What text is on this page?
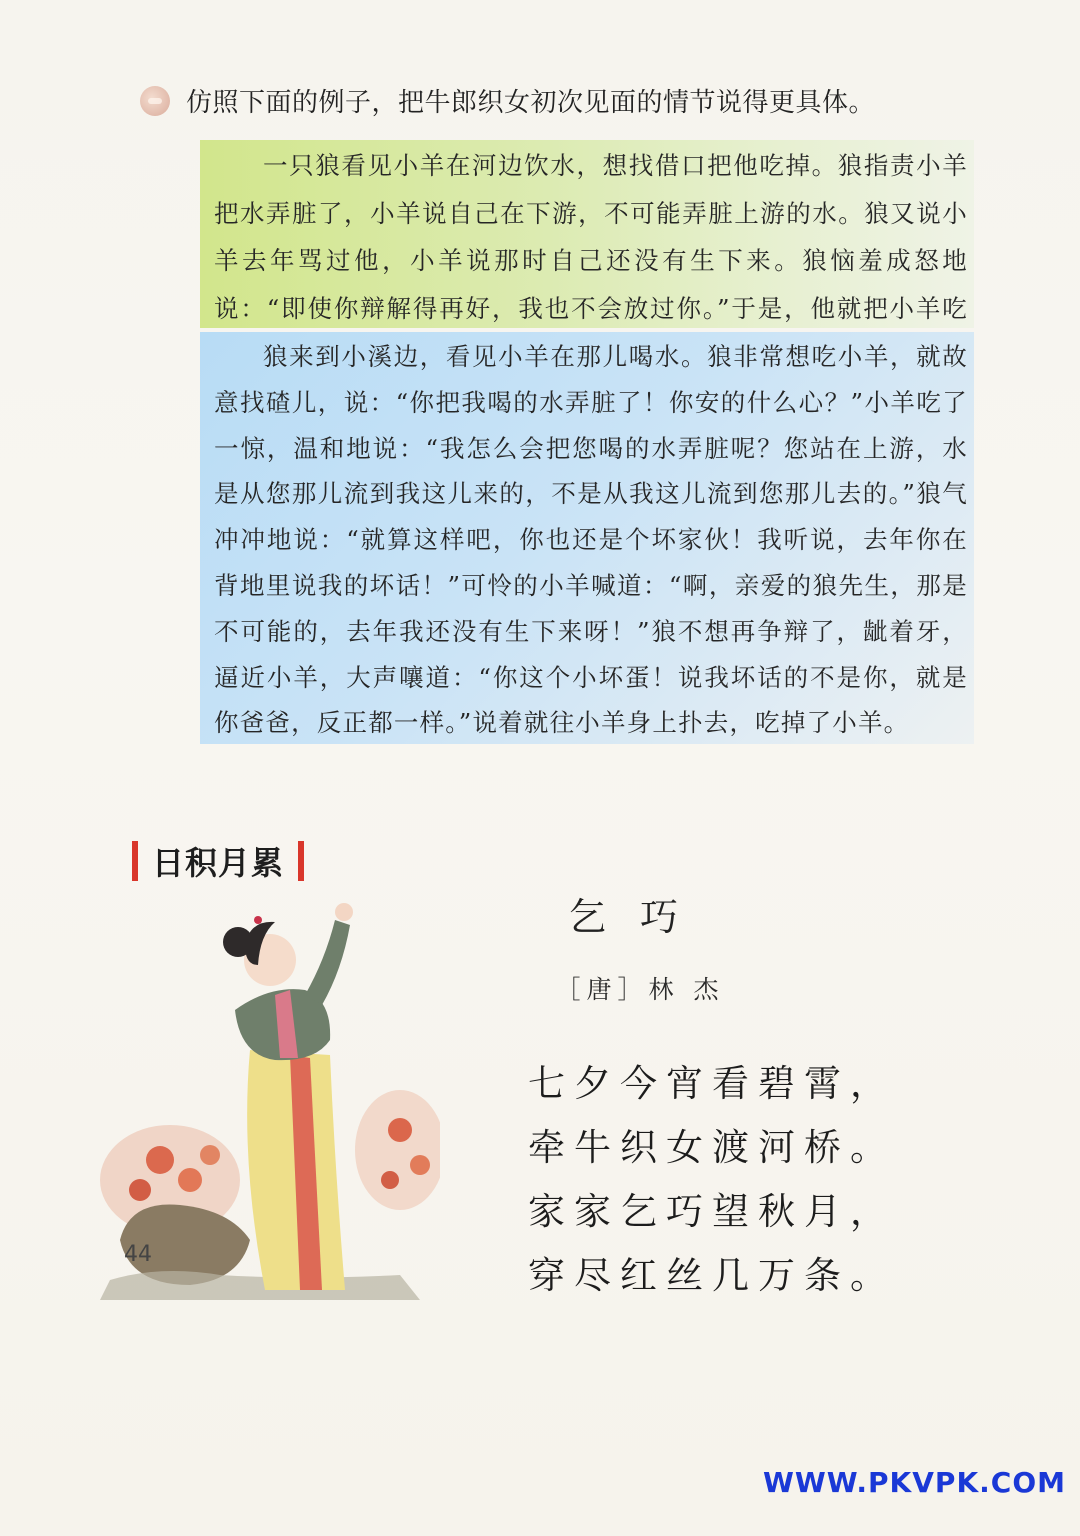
仿照下面的例子，把牛郎织女初次见面的情节说得更具体。

一只狼看见小羊在河边饮水，想找借口把他吃掉。狼指责小羊把水弄脏了，小羊说自己在下游，不可能弄脏上游的水。狼又说小羊去年骂过他，小羊说那时自己还没有生下来。狼恼羞成怒地说：“即使你辩解得再好，我也不会放过你。”于是，他就把小羊吃

狼来到小溪边，看见小羊在那儿喝水。狼非常想吃小羊，就故意找碴儿，说：“你把我喝的水弄脏了！你安的什么心？”小羊吃了一惊，温和地说：“我怎么会把您喝的水弄脏呢？您站在上游，水是从您那儿流到我这儿来的，不是从我这儿流到您那儿去的。”狼气冲冲地说：“就算这样吧，你也还是个坏家伙！我听说，去年你在背地里说我的坏话！”可怜的小羊喊道：“啊，亲爱的狼先生，那是不可能的，去年我还没有生下来呀！”狼不想再争辩了，龇着牙，逼近小羊，大声嚷道：“你这个小坏蛋！说我坏话的不是你，就是你爸爸，反正都一样。”说着就往小羊身上扑去，吃掉了小羊。

日积月累
乞巧
［唐］林 杰
七夕今宵看碧霄，
牵牛织女渡河桥。
家家乞巧望秋月，
穿尽红丝几万条。
44
WWW.PKVPK.COM
